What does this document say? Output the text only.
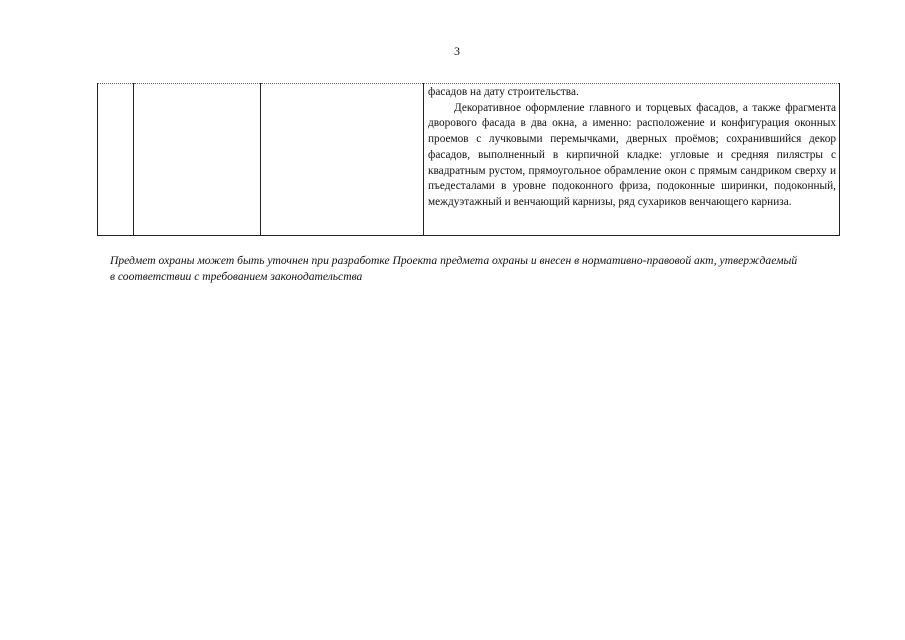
3

фасадов на дату строительства.

Декоративное оформление главного и торцевых фасадов, а также фрагмента дворового фасада в два окна, а именно: расположение и конфигурация оконных проемов с лучковыми перемычками, дверных проёмов; сохранившийся декор фасадов, выполненный в кирпичной кладке: угловые и средняя пилястры с квадратным рустом, прямоугольное обрамление окон с прямым сандриком сверху и пъедесталами в уровне подоконного фриза, подоконные ширинки, подоконный, междуэтажный и венчающий карнизы, ряд сухариков венчающего карниза.

Предмет охраны может быть уточнен при разработке Проекта предмета охраны и внесен в нормативно-правовой акт, утверждаемый в соответствии с требованием законодательства
